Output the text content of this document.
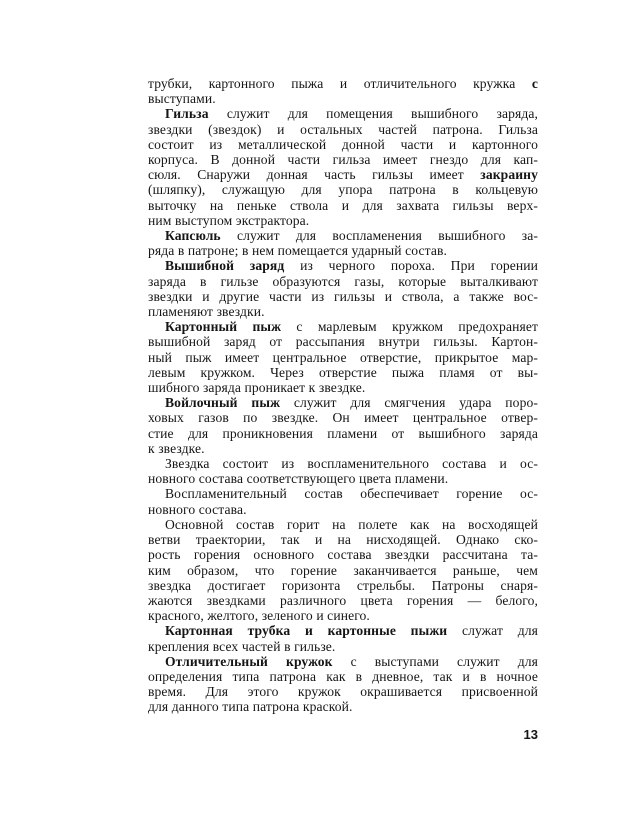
трубки, картонного пыжа и отличительного кружка с
выступами.
Гильза служит для помещения вышибного заряда,
звездки (звездок) и остальных частей патрона. Гильза
состоит из металлической донной части и картонного
корпуса. В донной части гильза имеет гнездо для кап-
сюля. Снаружи донная часть гильзы имеет закраину
(шляпку), служащую для упора патрона в кольцевую
выточку на пеньке ствола и для захвата гильзы верх-
ним выступом экстрактора.
Капсюль служит для воспламенения вышибного за-
ряда в патроне; в нем помещается ударный состав.
Вышибной заряд из черного пороха. При горении
заряда в гильзе образуются газы, которые выталкивают
звездки и другие части из гильзы и ствола, а также вос-
пламеняют звездки.
Картонный пыж с марлевым кружком предохраняет
вышибной заряд от рассыпания внутри гильзы. Картон-
ный пыж имеет центральное отверстие, прикрытое мар-
левым кружком. Через отверстие пыжа пламя от вы-
шибного заряда проникает к звездке.
Войлочный пыж служит для смягчения удара поро-
ховых газов по звездке. Он имеет центральное отвер-
стие для проникновения пламени от вышибного заряда
к звездке.
Звездка состоит из воспламенительного состава и ос-
новного состава соответствующего цвета пламени.
Воспламенительный состав обеспечивает горение ос-
новного состава.
Основной состав горит на полете как на восходящей
ветви траектории, так и на нисходящей. Однако ско-
рость горения основного состава звездки рассчитана та-
ким образом, что горение заканчивается раньше, чем
звездка достигает горизонта стрельбы. Патроны снаря-
жаются звездками различного цвета горения — белого,
красного, желтого, зеленого и синего.
Картонная трубка и картонные пыжи служат для
крепления всех частей в гильзе.
Отличительный кружок с выступами служит для
определения типа патрона как в дневное, так и в ночное
время. Для этого кружок окрашивается присвоенной
для данного типа патрона краской.
13
